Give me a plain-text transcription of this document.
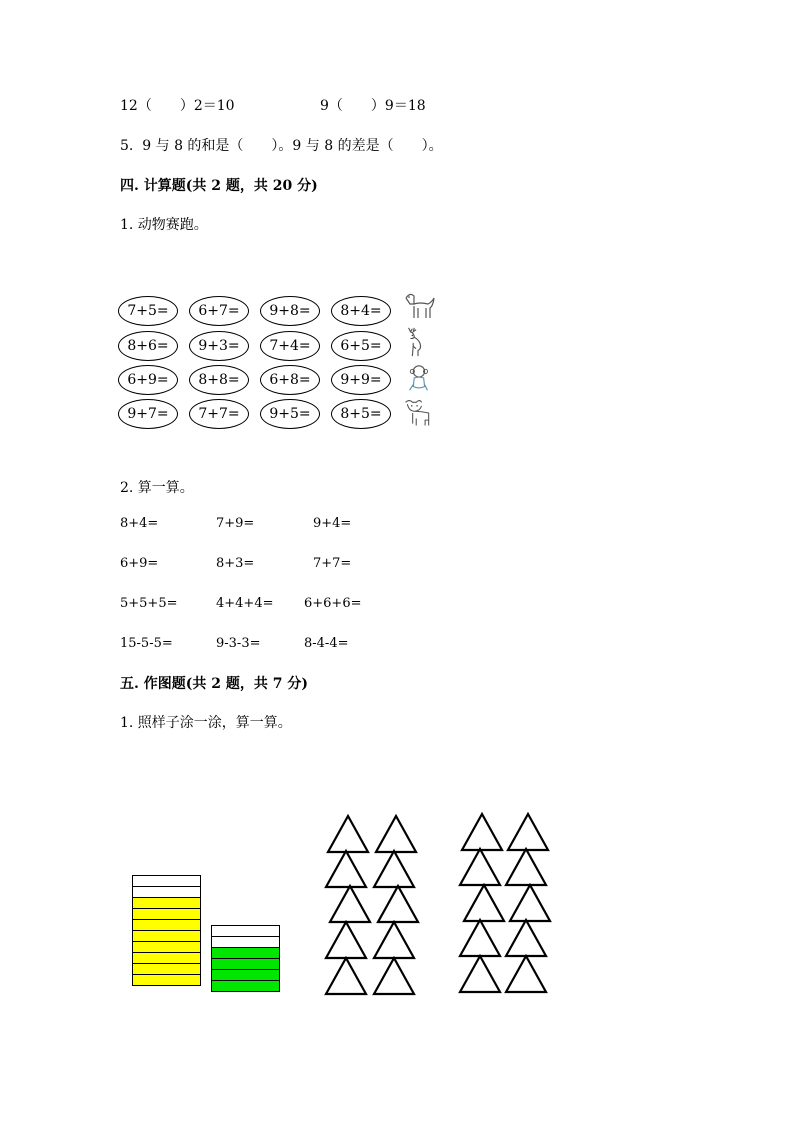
12（　　）2＝10	9（　　）9＝18
5.  9 与 8 的和是（　　）。9 与 8 的差是（　　）。
四. 计算题(共 2 题，共 20 分)
1. 动物赛跑。
7+5=	6+7=	9+8=	8+4=
8+6=	9+3=	7+4=	6+5=
6+9=	8+8=	6+8=	9+9=
9+7=	7+7=	9+5=	8+5=
2. 算一算。
8+4=	7+9=	9+4=
6+9=	8+3=	7+7=
5+5+5=	4+4+4= 6+6+6=
15-5-5=	9-3-3=	8-4-4=
五. 作图题(共 2 题，共 7 分)
1. 照样子涂一涂，算一算。
